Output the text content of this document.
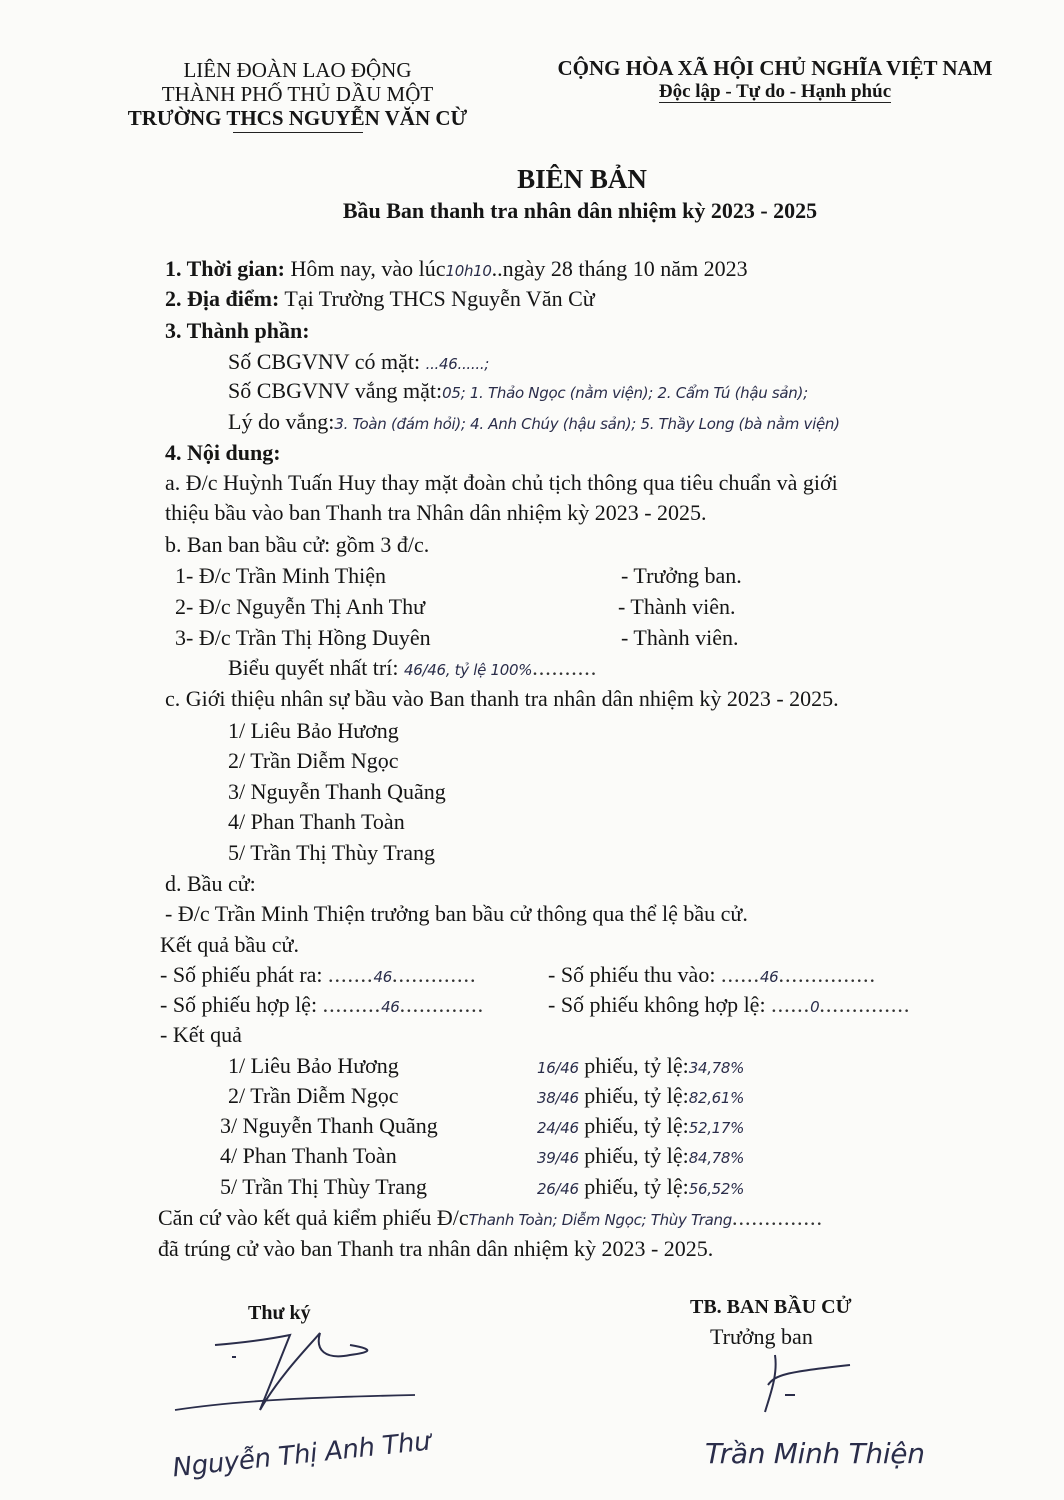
LIÊN ĐOÀN LAO ĐỘNG
THÀNH PHỐ THỦ DẦU MỘT
TRƯỜNG THCS NGUYỄN VĂN CỪ
CỘNG HÒA XÃ HỘI CHỦ NGHĨA VIỆT NAM
Độc lập - Tự do - Hạnh phúc
BIÊN BẢN
Bầu Ban thanh tra nhân dân nhiệm kỳ 2023 - 2025
1. Thời gian: Hôm nay, vào lúc10h10..ngày 28 tháng 10 năm 2023
2. Địa điểm: Tại Trường THCS Nguyễn Văn Cừ
3. Thành phần:
Số CBGVNV có mặt: ...46......;
Số CBGVNV vắng mặt:05; 1. Thảo Ngọc (nằm viện); 2. Cẩm Tú (hậu sản);
Lý do vắng:3. Toàn (đám hỏi); 4. Anh Chúy (hậu sản); 5. Thầy Long (bà nằm viện)
4. Nội dung:
a. Đ/c Huỳnh Tuấn Huy thay mặt đoàn chủ tịch thông qua tiêu chuẩn và giới
thiệu bầu vào ban Thanh tra Nhân dân nhiệm kỳ 2023 - 2025.
b. Ban ban bầu cử: gồm 3 đ/c.
1- Đ/c Trần Minh Thiện	- Trưởng ban.
2- Đ/c Nguyễn Thị Anh Thư	- Thành viên.
3- Đ/c Trần Thị Hồng Duyên	- Thành viên.
Biểu quyết nhất trí: 46/46, tỷ lệ 100%..........
c. Giới thiệu nhân sự bầu vào Ban thanh tra nhân dân nhiệm kỳ 2023 - 2025.
1/ Liêu Bảo Hương
2/ Trần Diễm Ngọc
3/ Nguyễn Thanh Quãng
4/ Phan Thanh Toàn
5/ Trần Thị Thùy Trang
d. Bầu cử:
- Đ/c Trần Minh Thiện trưởng ban bầu cử thông qua thể lệ bầu cử.
Kết quả bầu cử.
- Số phiếu phát ra: .......46.............	- Số phiếu thu vào: ......46...............
- Số phiếu hợp lệ: .........46.............	- Số phiếu không hợp lệ: ......0..............
- Kết quả
1/ Liêu Bảo Hương	16/46 phiếu, tỷ lệ:34,78%
2/ Trần Diễm Ngọc	38/46 phiếu, tỷ lệ:82,61%
3/ Nguyễn Thanh Quãng	24/46 phiếu, tỷ lệ:52,17%
4/ Phan Thanh Toàn	39/46 phiếu, tỷ lệ:84,78%
5/ Trần Thị Thùy Trang	26/46 phiếu, tỷ lệ:56,52%
Căn cứ vào kết quả kiểm phiếu Đ/cThanh Toàn; Diễm Ngọc; Thùy Trang..............
đã trúng cử vào ban Thanh tra nhân dân nhiệm kỳ 2023 - 2025.
Thư ký
Nguyễn Thị Anh Thư
TB. BAN BẦU CỬ
Trưởng ban
Trần Minh Thiện
